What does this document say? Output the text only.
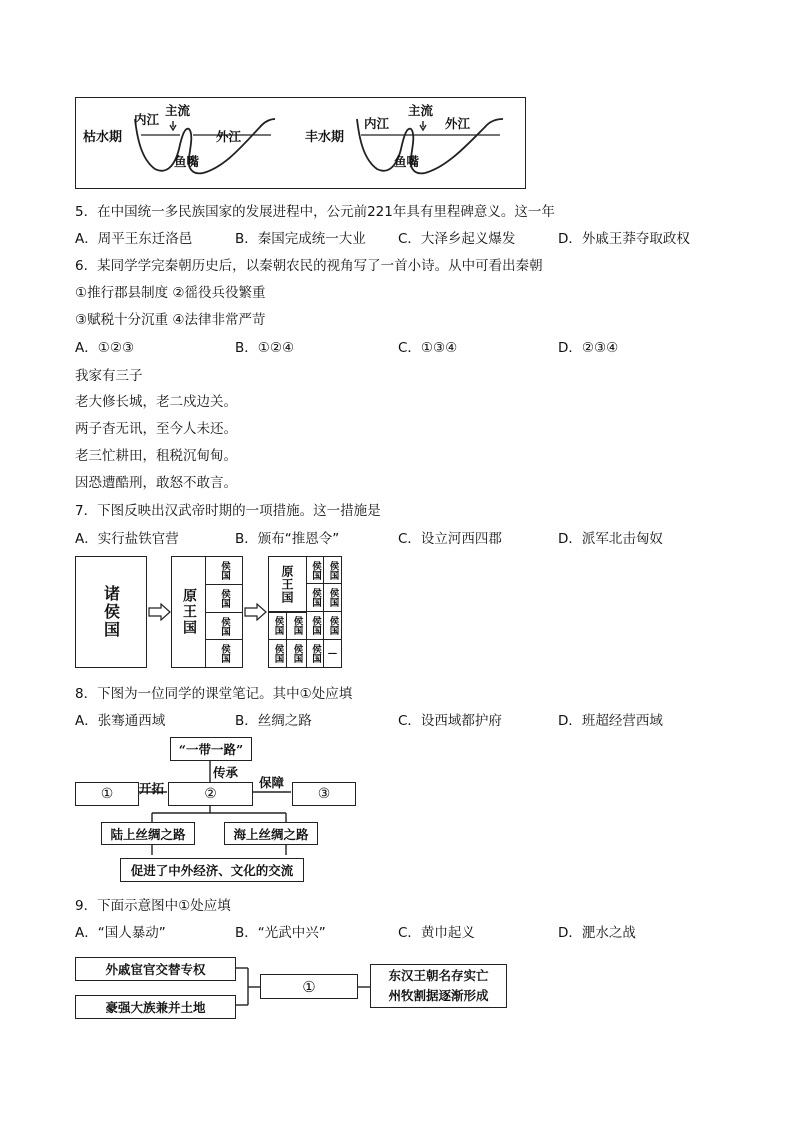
枯水期
内江
主流
外江
鱼嘴
丰水期
内江
主流
外江
鱼嘴
5．在中国统一多民族国家的发展进程中，公元前221年具有里程碑意义。这一年
A．周平王东迁洛邑	B．秦国完成统一大业 C．大泽乡起义爆发	D．外戚王莽夺取政权
6．某同学学完秦朝历史后，以秦朝农民的视角写了一首小诗。从中可看出秦朝
①推行郡县制度 ②徭役兵役繁重
③赋税十分沉重 ④法律非常严苛
A．①②③	B．①②④	C．①③④	D．②③④
我家有三子
老大修长城，老二戍边关。
两子杳无讯，至今人未还。
老三忙耕田，租税沉甸甸。
因恐遭酷刑，敢怒不敢言。
7．下图反映出汉武帝时期的一项措施。这一措施是
A．实行盐铁官营	B．颁布“推恩令”	C．设立河西四郡	D．派军北击匈奴
诸侯国	原王国
侯国
侯国
侯国
侯国
原王国 侯国 侯国
侯国 侯国
侯国 侯国 侯国 侯国
侯国 侯国 侯国 —
8．下图为一位同学的课堂笔记。其中①处应填
A．张骞通西域	B．丝绸之路	C．设西域都护府	D．班超经营西域
“一带一路”
传承
开拓	保障
①	②	③
陆上丝绸之路	海上丝绸之路
促进了中外经济、文化的交流
9．下面示意图中①处应填
A．“国人暴动”	B．“光武中兴”	C．黄巾起义	D．淝水之战
外戚宦官交替专权
豪强大族兼并土地
①
东汉王朝名存实亡
州牧割据逐渐形成
